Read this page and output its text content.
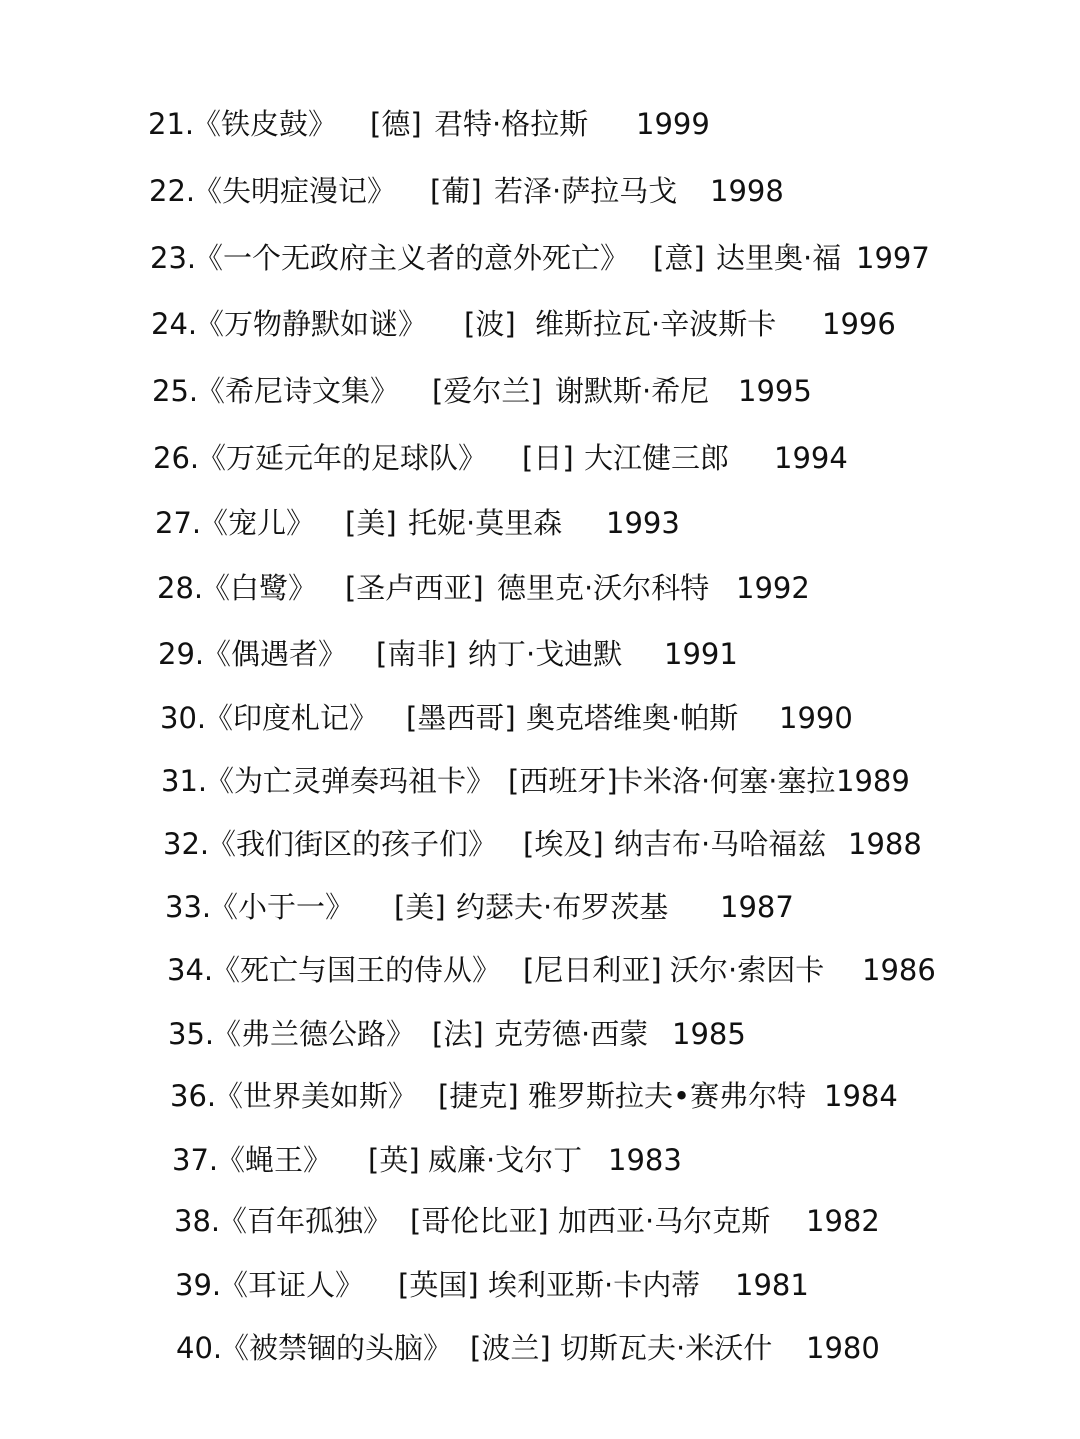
21.
《铁皮鼓》 [德] 君特·格拉斯 1999
22.
《失明症漫记》 [葡] 若泽·萨拉马戈 1998
23.
《一个无政府主义者的意外死亡》 [意] 达里奥·福 1997
24.
《万物静默如谜》 [波] 维斯拉瓦·辛波斯卡 1996
25.
《希尼诗文集》 [爱尔兰] 谢默斯·希尼 1995
26.
《万延元年的足球队》 [日] 大江健三郎 1994
27.
《宠儿》 [美] 托妮·莫里森 1993
28.
《白鹭》 [圣卢西亚] 德里克·沃尔科特 1992
29.
《偶遇者》 [南非] 纳丁·戈迪默 1991
30.
《印度札记》 [墨西哥] 奥克塔维奥·帕斯 1990
31.
《为亡灵弹奏玛祖卡》 [西班牙]
卡米洛·何塞·塞拉 1989
32.
《我们街区的孩子们》 [埃及] 纳吉布·马哈福兹 1988
33.
《小于一》 [美] 约瑟夫·布罗茨基 1987
34.
《死亡与国王的侍从》 [尼日利亚] 沃尔·索因卡 1986
35.
《弗兰德公路》 [法] 克劳德·西蒙 1985
36.
《世界美如斯》 [捷克] 雅罗斯拉夫•赛弗尔特 1984
37.
《蝇王》 [英] 威廉·戈尔丁 1983
38.
《百年孤独》 [哥伦比亚] 加西亚·马尔克斯 1982
39.
《耳证人》 [英国] 埃利亚斯·卡内蒂 1981
40.
《被禁锢的头脑》 [波兰] 切斯瓦夫·米沃什 1980
